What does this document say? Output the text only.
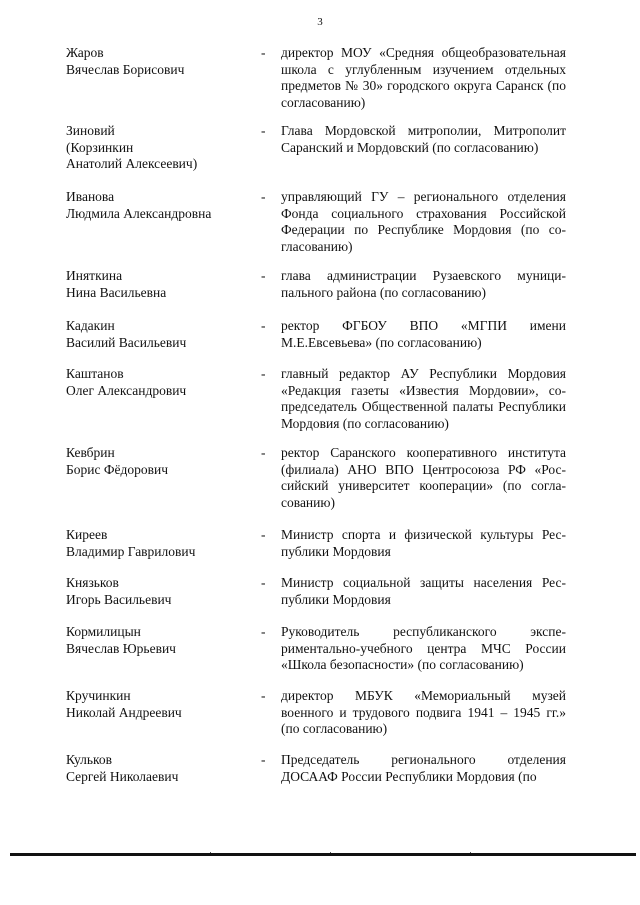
3
Жаров
Вячеслав Борисович
- директор МОУ «Средняя общеобразовательная школа с углубленным изучением отдельных предметов № 30» городского округа Саранск (по согласованию)
Зиновий
(Корзинкин
Анатолий Алексеевич)
- Глава Мордовской митрополии, Митрополит Саранский и Мордовский (по согласованию)
Иванова
Людмила Александровна
- управляющий ГУ – регионального отделения Фонда социального страхования Российской Федерации по Республике Мордовия (по согласованию)
Иняткина
Нина Васильевна
- глава администрации Рузаевского муниципального района (по согласованию)
Кадакин
Василий Васильевич
- ректор ФГБОУ ВПО «МГПИ имени М.Е.Евсевьева» (по согласованию)
Каштанов
Олег Александрович
- главный редактор АУ Республики Мордовия «Редакция газеты «Известия Мордовии», сопредседатель Общественной палаты Республики Мордовия (по согласованию)
Кевбрин
Борис Фёдорович
- ректор Саранского кооперативного института (филиала) АНО ВПО Центросоюза РФ «Российский университет кооперации» (по согласованию)
Киреев
Владимир Гаврилович
- Министр спорта и физической культуры Республики Мордовия
Князьков
Игорь Васильевич
- Министр социальной защиты населения Республики Мордовия
Кормилицын
Вячеслав Юрьевич
- Руководитель республиканского экспериментально-учебного центра МЧС России «Школа безопасности» (по согласованию)
Кручинкин
Николай Андреевич
- директор МБУК «Мемориальный музей военного и трудового подвига 1941 – 1945 гг.» (по согласованию)
Кульков
Сергей Николаевич
- Председатель регионального отделения ДОСААФ России Республики Мордовия (по
